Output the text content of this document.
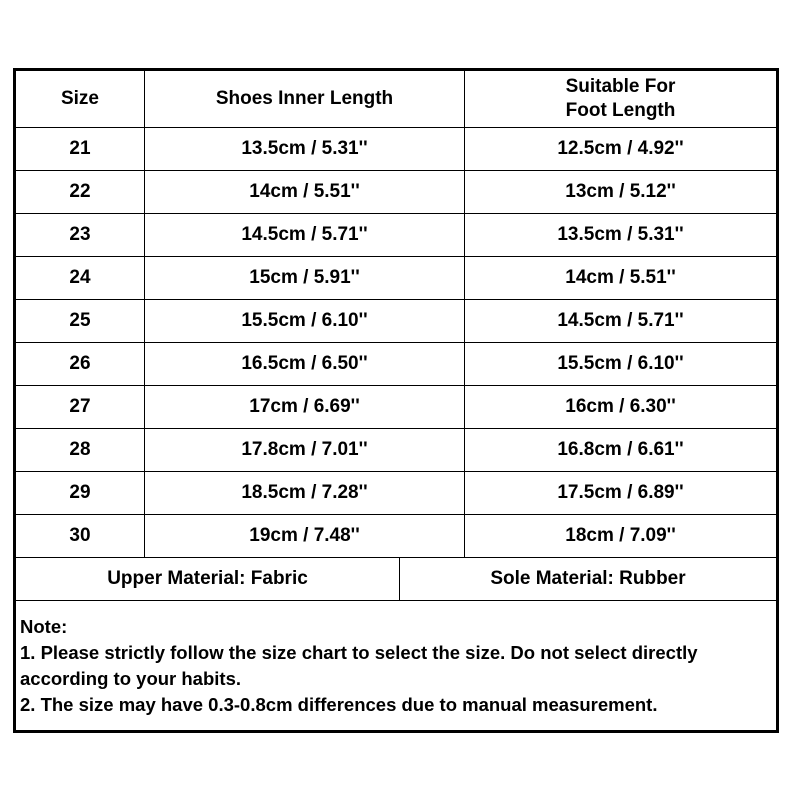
Size	Shoes Inner Length	Suitable For
Foot Length

21	13.5cm / 5.31''	12.5cm / 4.92''
22	14cm / 5.51''	13cm / 5.12''
23	14.5cm / 5.71''	13.5cm / 5.31''
24	15cm / 5.91''	14cm / 5.51''
25	15.5cm / 6.10''	14.5cm / 5.71''
26	16.5cm / 6.50''	15.5cm / 6.10''
27	17cm / 6.69''	16cm / 6.30''
28	17.8cm / 7.01''	16.8cm / 6.61''
29	18.5cm / 7.28''	17.5cm / 6.89''
30	19cm / 7.48''	18cm / 7.09''
Upper Material: Fabric	Sole Material: Rubber

Note:

1. Please strictly follow the size chart to select the size. Do not select directly according to your habits.

2. The size may have 0.3-0.8cm differences due to manual measurement.
